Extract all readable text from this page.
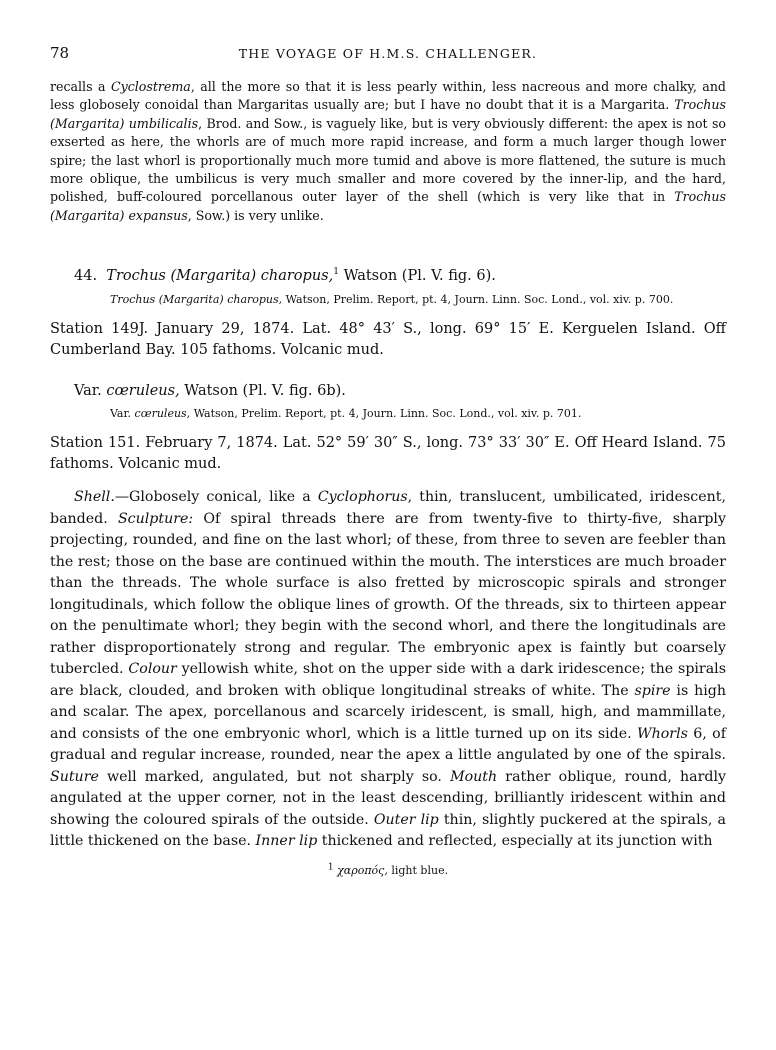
78	THE VOYAGE OF H.M.S. CHALLENGER.

recalls a Cyclostrema, all the more so that it is less pearly within, less nacreous and more chalky, and less globosely conoidal than Margaritas usually are; but I have no doubt that it is a Margarita. Trochus (Margarita) umbilicalis, Brod. and Sow., is vaguely like, but is very obviously different: the apex is not so exserted as here, the whorls are of much more rapid increase, and form a much larger though lower spire; the last whorl is proportionally much more tumid and above is more flattened, the suture is much more oblique, the umbilicus is very much smaller and more covered by the inner-lip, and the hard, polished, buff-coloured porcellanous outer layer of the shell (which is very like that in Trochus (Margarita) expansus, Sow.) is very unlike.

44. Trochus (Margarita) charopus,$^1$ Watson (Pl. V. fig. 6).
Trochus (Margarita) charopus, Watson, Prelim. Report, pt. 4, Journ. Linn. Soc. Lond., vol. xiv. p. 700.

Station 149J. January 29, 1874. Lat. 48° 43′ S., long. 69° 15′ E. Kerguelen Island. Off Cumberland Bay. 105 fathoms. Volcanic mud.

Var. cœruleus, Watson (Pl. V. fig. 6b).
Var. cœruleus, Watson, Prelim. Report, pt. 4, Journ. Linn. Soc. Lond., vol. xiv. p. 701.

Station 151. February 7, 1874. Lat. 52° 59′ 30″ S., long. 73° 33′ 30″ E. Off Heard Island. 75 fathoms. Volcanic mud.

Shell.—Globosely conical, like a Cyclophorus, thin, translucent, umbilicated, iridescent, banded. Sculpture: Of spiral threads there are from twenty-five to thirty-five, sharply projecting, rounded, and fine on the last whorl; of these, from three to seven are feebler than the rest; those on the base are continued within the mouth. The interstices are much broader than the threads. The whole surface is also fretted by microscopic spirals and stronger longitudinals, which follow the oblique lines of growth. Of the threads, six to thirteen appear on the penultimate whorl; they begin with the second whorl, and there the longitudinals are rather disproportionately strong and regular. The embryonic apex is faintly but coarsely tubercled. Colour yellowish white, shot on the upper side with a dark iridescence; the spirals are black, clouded, and broken with oblique longitudinal streaks of white. The spire is high and scalar. The apex, porcellanous and scarcely iridescent, is small, high, and mammillate, and consists of the one embryonic whorl, which is a little turned up on its side. Whorls 6, of gradual and regular increase, rounded, near the apex a little angulated by one of the spirals. Suture well marked, angulated, but not sharply so. Mouth rather oblique, round, hardly angulated at the upper corner, not in the least descending, brilliantly iridescent within and showing the coloured spirals of the outside. Outer lip thin, slightly puckered at the spirals, a little thickened on the base. Inner lip thickened and reflected, especially at its junction with

$^1$ χαροπός, light blue.
